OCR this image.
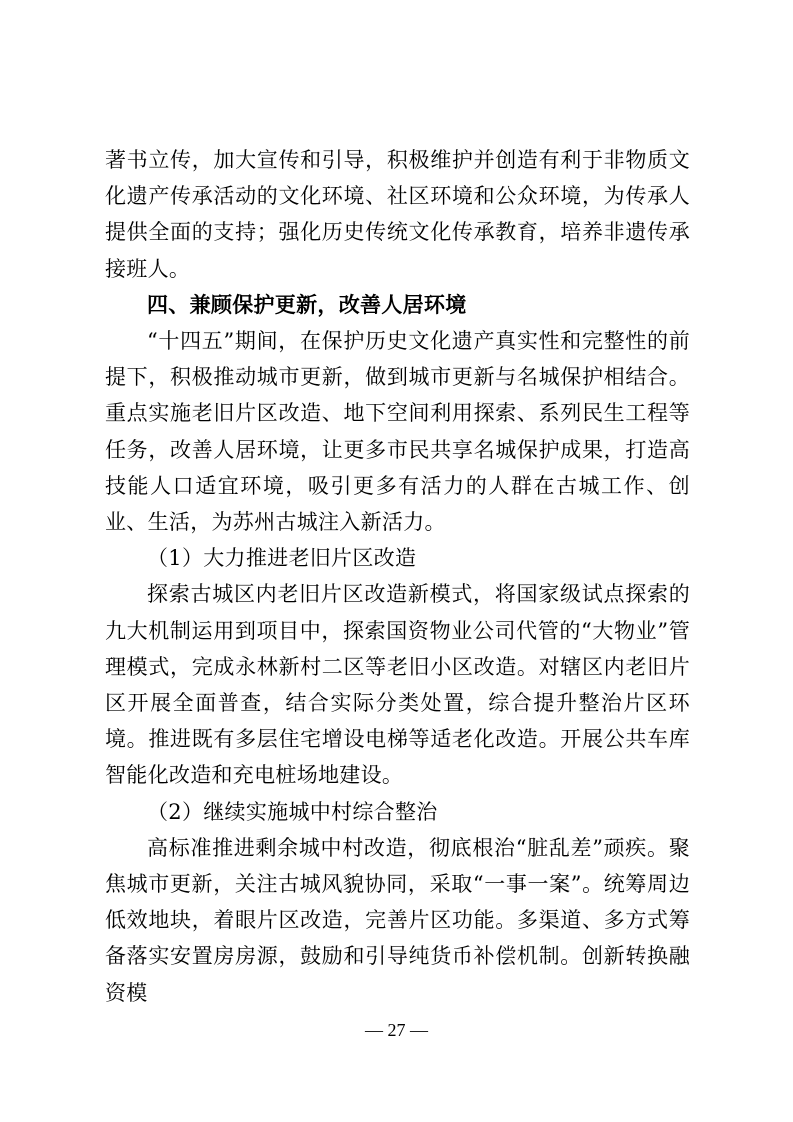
著书立传，加大宣传和引导，积极维护并创造有利于非物质文化遗产传承活动的文化环境、社区环境和公众环境，为传承人提供全面的支持；强化历史传统文化传承教育，培养非遗传承接班人。

四、兼顾保护更新，改善人居环境

“十四五”期间，在保护历史文化遗产真实性和完整性的前提下，积极推动城市更新，做到城市更新与名城保护相结合。重点实施老旧片区改造、地下空间利用探索、系列民生工程等任务，改善人居环境，让更多市民共享名城保护成果，打造高技能人口适宜环境，吸引更多有活力的人群在古城工作、创业、生活，为苏州古城注入新活力。

（1）大力推进老旧片区改造

探索古城区内老旧片区改造新模式，将国家级试点探索的九大机制运用到项目中，探索国资物业公司代管的“大物业”管理模式，完成永林新村二区等老旧小区改造。对辖区内老旧片区开展全面普查，结合实际分类处置，综合提升整治片区环境。推进既有多层住宅增设电梯等适老化改造。开展公共车库智能化改造和充电桩场地建设。

（2）继续实施城中村综合整治

高标准推进剩余城中村改造，彻底根治“脏乱差”顽疾。聚焦城市更新，关注古城风貌协同，采取“一事一案”。统筹周边低效地块，着眼片区改造，完善片区功能。多渠道、多方式筹备落实安置房房源，鼓励和引导纯货币补偿机制。创新转换融资模

— 27 —
